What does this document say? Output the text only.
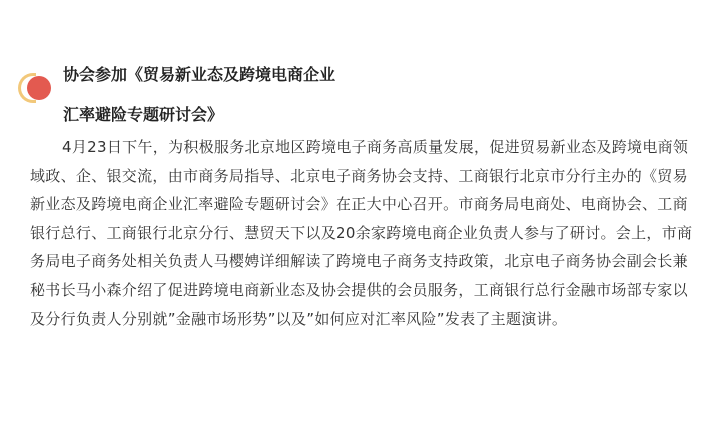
协会参加《贸易新业态及跨境电商企业
汇率避险专题研讨会》

4月23日下午，为积极服务北京地区跨境电子商务高质量发展，促进贸易新业态及跨境电商领域政、企、银交流，由市商务局指导、北京电子商务协会支持、工商银行北京市分行主办的《贸易新业态及跨境电商企业汇率避险专题研讨会》在正大中心召开。市商务局电商处、电商协会、工商银行总行、工商银行北京分行、慧贸天下以及20余家跨境电商企业负责人参与了研讨。会上，市商务局电子商务处相关负责人马樱娉详细解读了跨境电子商务支持政策，北京电子商务协会副会长兼秘书长马小森介绍了促进跨境电商新业态及协会提供的会员服务，工商银行总行金融市场部专家以及分行负责人分别就”金融市场形势”以及”如何应对汇率风险”发表了主题演讲。
